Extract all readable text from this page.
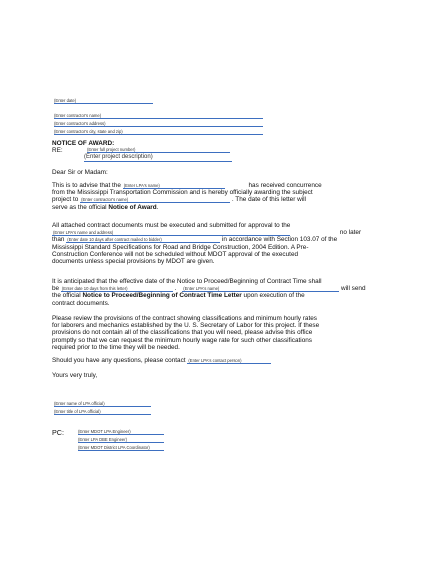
(Enter date)
(Enter contractor's name)
(Enter contractor's address)
(Enter contractor's city, state and zip)
NOTICE OF AWARD:
RE:	(Enter full project number)
(Enter project description)
Dear Sir or Madam:
This is to advise that the (Enter LPA's name)	has received concurrence
from the Mississippi Transportation Commission and is hereby officially awarding the subject
project to (Enter contractor's name)	. The date of this letter will
serve as the official Notice of Award.
All attached contract documents must be executed and submitted for approval to the
(Enter LPA's name and address)	no later
than (Enter date 10 days after contract mailed to bidder)	in accordance with Section 103.07 of the
Mississippi Standard Specifications for Road and Bridge Construction, 2004 Edition. A Pre-
Construction Conference will not be scheduled without MDOT approval of the executed
documents unless special provisions by MDOT are given.
It is anticipated that the effective date of the Notice to Proceed/Beginning of Contract Time shall
be (Enter date 10 days from this letter)	. (Enter LPA's name)	will send
the official Notice to Proceed/Beginning of Contract Time Letter upon execution of the
contract documents.
Please review the provisions of the contract showing classifications and minimum hourly rates
for laborers and mechanics established by the U. S. Secretary of Labor for this project. If these
provisions do not contain all of the classifications that you will need, please advise this office
promptly so that we can request the minimum hourly wage rate for such other classifications
required prior to the time they will be needed.
Should you have any questions, please contact (Enter LPA's contact person)
Yours very truly,
(Enter name of LPA official)
(Enter title of LPA official)
PC:	(Enter MDOT LPA Engineer)
(Enter LPA DBE Engineer)
(Enter MDOT District LPA Coordinator)
